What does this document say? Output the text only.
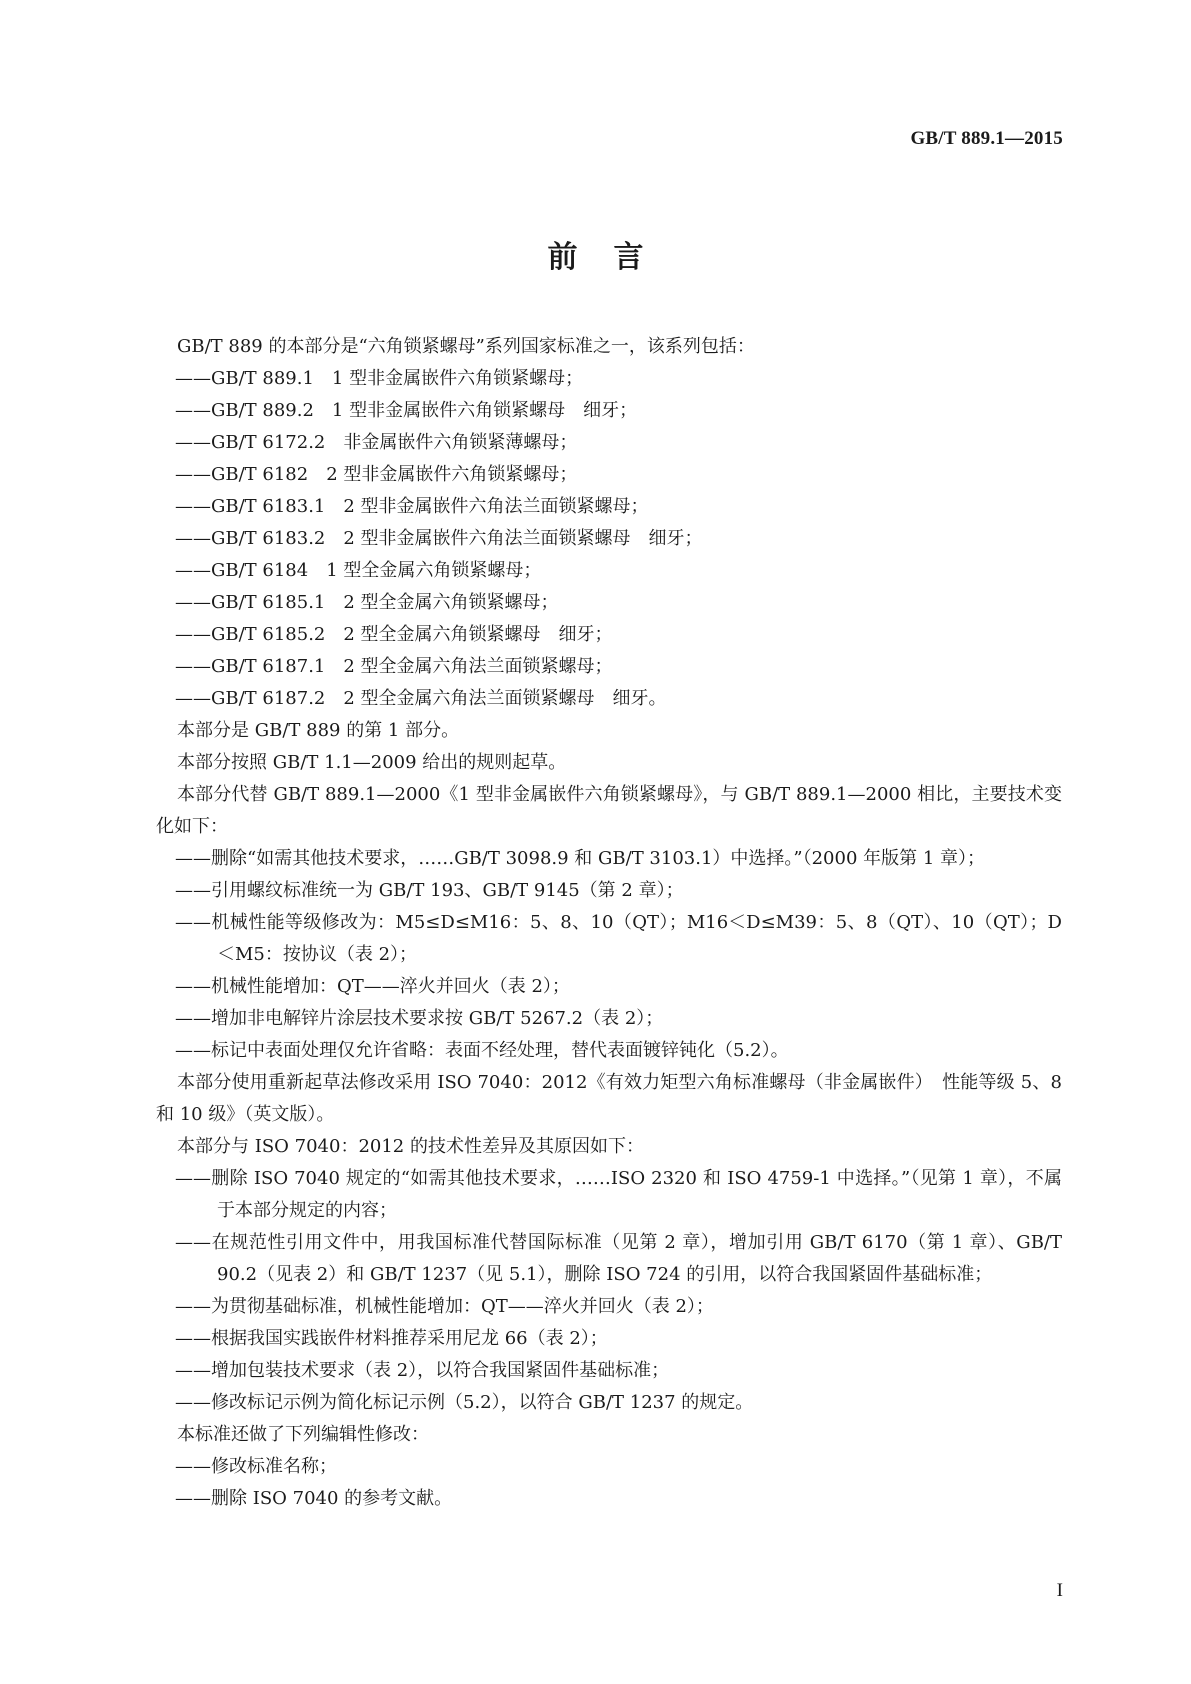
GB/T 889.1—2015
前言

GB/T 889 的本部分是“六角锁紧螺母”系列国家标准之一，该系列包括：

——GB/T 889.1　1 型非金属嵌件六角锁紧螺母；

——GB/T 889.2　1 型非金属嵌件六角锁紧螺母　细牙；

——GB/T 6172.2　非金属嵌件六角锁紧薄螺母；

——GB/T 6182　2 型非金属嵌件六角锁紧螺母；

——GB/T 6183.1　2 型非金属嵌件六角法兰面锁紧螺母；

——GB/T 6183.2　2 型非金属嵌件六角法兰面锁紧螺母　细牙；

——GB/T 6184　1 型全金属六角锁紧螺母；

——GB/T 6185.1　2 型全金属六角锁紧螺母；

——GB/T 6185.2　2 型全金属六角锁紧螺母　细牙；

——GB/T 6187.1　2 型全金属六角法兰面锁紧螺母；

——GB/T 6187.2　2 型全金属六角法兰面锁紧螺母　细牙。

本部分是 GB/T 889 的第 1 部分。

本部分按照 GB/T 1.1—2009 给出的规则起草。

本部分代替 GB/T 889.1—2000《1 型非金属嵌件六角锁紧螺母》，与 GB/T 889.1—2000 相比，主要技术变化如下：

——删除“如需其他技术要求，……GB/T 3098.9 和 GB/T 3103.1）中选择。”（2000 年版第 1 章）；

——引用螺纹标准统一为 GB/T 193、GB/T 9145（第 2 章）；

——机械性能等级修改为：M5≤D≤M16：5、8、10（QT）；M16＜D≤M39：5、8（QT）、10（QT）；D＜M5：按协议（表 2）；

——机械性能增加：QT——淬火并回火（表 2）；

——增加非电解锌片涂层技术要求按 GB/T 5267.2（表 2）；

——标记中表面处理仅允许省略：表面不经处理，替代表面镀锌钝化（5.2）。

本部分使用重新起草法修改采用 ISO 7040：2012《有效力矩型六角标准螺母（非金属嵌件）　性能等级 5、8 和 10 级》（英文版）。

本部分与 ISO 7040：2012 的技术性差异及其原因如下：

——删除 ISO 7040 规定的“如需其他技术要求，……ISO 2320 和 ISO 4759-1 中选择。”（见第 1 章），不属于本部分规定的内容；

——在规范性引用文件中，用我国标准代替国际标准（见第 2 章），增加引用 GB/T 6170（第 1 章）、GB/T 90.2（见表 2）和 GB/T 1237（见 5.1），删除 ISO 724 的引用，以符合我国紧固件基础标准；

——为贯彻基础标准，机械性能增加：QT——淬火并回火（表 2）；

——根据我国实践嵌件材料推荐采用尼龙 66（表 2）；

——增加包装技术要求（表 2），以符合我国紧固件基础标准；

——修改标记示例为简化标记示例（5.2），以符合 GB/T 1237 的规定。

本标准还做了下列编辑性修改：

——修改标准名称；

——删除 ISO 7040 的参考文献。

I
